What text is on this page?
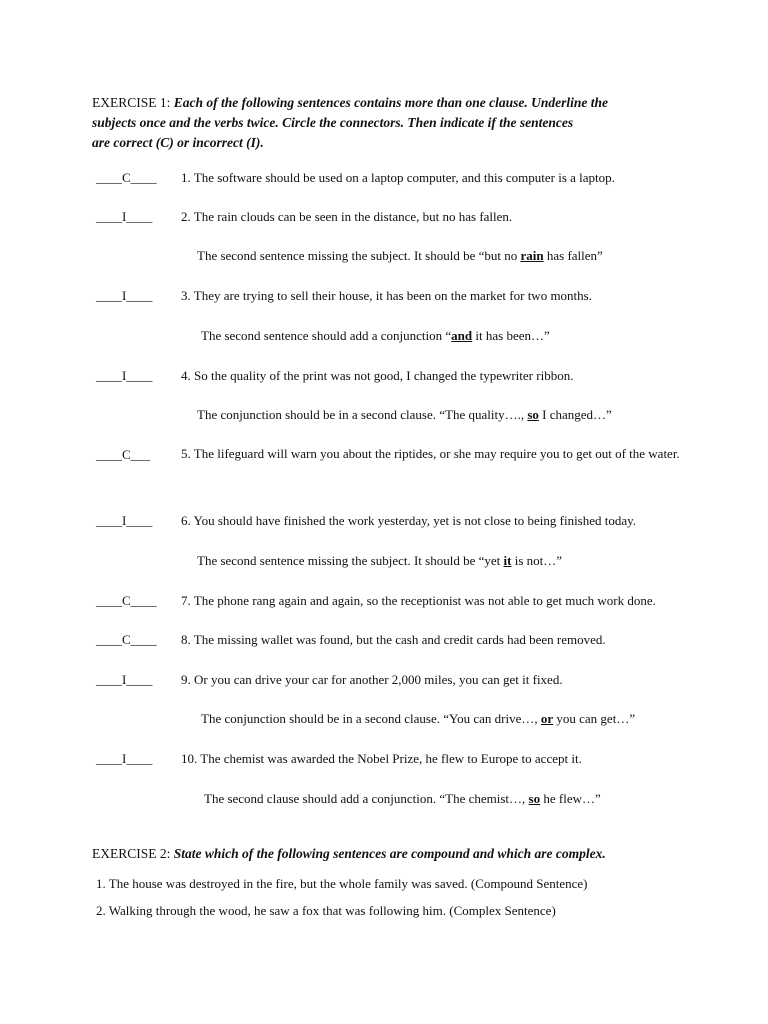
EXERCISE 1: Each of the following sentences contains more than one clause. Underline the
subjects once and the verbs twice. Circle the connectors. Then indicate if the sentences
are correct (C) or incorrect (I).
____C____	1. The software should be used on a laptop computer, and this computer is a laptop.
____I____	2. The rain clouds can be seen in the distance, but no has fallen.
The second sentence missing the subject. It should be “but no rain has fallen”
____I____	3. They are trying to sell their house, it has been on the market for two months.
The second sentence should add a conjunction “and it has been…”
____I____	4. So the quality of the print was not good, I changed the typewriter ribbon.
The conjunction should be in a second clause. “The quality…., so I changed…”
____C___	5. The lifeguard will warn you about the riptides, or she may require you to get out of the water.
____I____	6. You should have finished the work yesterday, yet is not close to being finished today.
The second sentence missing the subject. It should be “yet it is not…”
____C____	7. The phone rang again and again, so the receptionist was not able to get much work done.
____C____	8. The missing wallet was found, but the cash and credit cards had been removed.
____I____	9. Or you can drive your car for another 2,000 miles, you can get it fixed.
The conjunction should be in a second clause. “You can drive…, or you can get…”
____I____	10. The chemist was awarded the Nobel Prize, he flew to Europe to accept it.
The second clause should add a conjunction. “The chemist…, so he flew…”
EXERCISE 2: State which of the following sentences are compound and which are complex.
1. The house was destroyed in the fire, but the whole family was saved. (Compound Sentence)
2. Walking through the wood, he saw a fox that was following him. (Complex Sentence)
